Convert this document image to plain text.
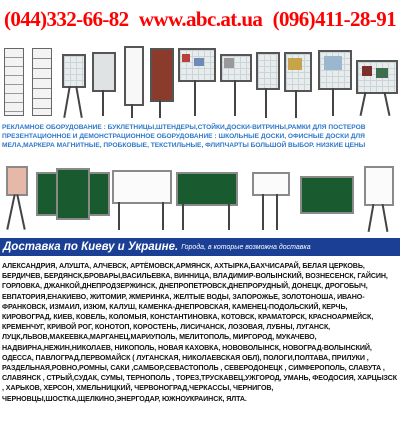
(044)332-66-82 www.abc.at.ua (096)411-28-91

РЕКЛАМНОЕ ОБОРУДОВАНИЕ : БУКЛЕТНИЦЫ,ШТЕНДЕРЫ,СТОЙКИ,ДОСКИ-ВИТРИНЫ,РАМКИ ДЛЯ ПОСТЕРОВ ПРЕЗЕНТАЦИОННОЕ И ДЕМОНСТРАЦИОННОЕ ОБОРУДОВАНИЕ : ШКОЛЬНЫЕ ДОСКИ, ОФИСНЫЕ ДОСКИ ДЛЯ МЕЛА,МАРКЕРА МАГНИТНЫЕ, ПРОБКОВЫЕ, ТЕКСТИЛЬНЫЕ, ФЛИПЧАРТЫ БОЛЬШОЙ ВЫБОР. НИЗКИЕ ЦЕНЫ

Доставка по Киеву и Украине. Города, в которые возможна доставка
АЛЕКСАНДРИЯ, АЛУШТА, АЛЧЕВСК, АРТЁМОВСК,АРМЯНСК, АХТЫРКА,БАХЧИСАРАЙ, БЕЛАЯ ЦЕРКОВЬ, БЕРДИЧЕВ, БЕРДЯНСК,БРОВАРЫ,ВАСИЛЬЕВКА, ВИННИЦА, ВЛАДИМИР-ВОЛЫНСКИЙ, ВОЗНЕСЕНСК, ГАЙСИН, ГОРЛОВКА, ДЖАНКОЙ,ДНЕПРОДЗЕРЖИНСК, ДНЕПРОПЕТРОВСК,ДНЕПРОРУДНЫЙ, ДОНЕЦК, ДРОГОБЫЧ, ЕВПАТОРИЯ,ЕНАКИЕВО, ЖИТОМИР, ЖМЕРИНКА, ЖЕЛТЫЕ ВОДЫ, ЗАПОРОЖЬЕ, ЗОЛОТОНОША, ИВАНО-ФРАНКОВСК, ИЗМАИЛ, ИЗЮМ, КАЛУШ, КАМЕНКА-ДНЕПРОВСКАЯ, КАМЕНЕЦ-ПОДОЛЬСКИЙ, КЕРЧЬ, КИРОВОГРАД, КИЕВ, КОВЕЛЬ, КОЛОМЫЯ, КОНСТАНТИНОВКА, КОТОВСК, КРАМАТОРСК, КРАСНОАРМЕЙСК, КРЕМЕНЧУГ, КРИВОЙ РОГ, КОНОТОП, КОРОСТЕНЬ, ЛИСИЧАНСК, ЛОЗОВАЯ, ЛУБНЫ, ЛУГАНСК, ЛУЦК,ЛЬВОВ,МАКЕЕВКА,МАРГАНЕЦ,МАРИУПОЛЬ, МЕЛИТОПОЛЬ, МИРГОРОД, МУКАЧЕВО, НАДВИРНА,НЕЖИН,НИКОЛАЕВ, НИКОПОЛЬ, НОВАЯ КАХОВКА, НОВОВОЛЫНСК, НОВОГРАД-ВОЛЫНСКИЙ, ОДЕССА, ПАВЛОГРАД,ПЕРВОМАЙСК ( ЛУГАНСКАЯ, НИКОЛАЕВСКАЯ ОБЛ), ПОЛОГИ,ПОЛТАВА, ПРИЛУКИ , РАЗДЕЛЬНАЯ,РОВНО,РОМНЫ, САКИ ,САМБОР,СЕВАСТОПОЛЬ , СЕВЕРОДОНЕЦК , СИМФЕРОПОЛЬ, СЛАВУТА , СЛАВЯНСК , СТРЫЙ,СУДАК, СУМЫ, ТЕРНОПОЛЬ , ТОРЕЗ,ТРУСКАВЕЦ,УЖГОРОД, УМАНЬ, ФЕОДОСИЯ, ХАРЦЫЗСК , ХАРЬКОВ, ХЕРСОН, ХМЕЛЬНИЦКИЙ, ЧЕРВОНОГРАД,ЧЕРКАССЫ, ЧЕРНИГОВ, ЧЕРНОВЦЫ,ШОСТКА,ЩЕЛКИНО,ЭНЕРГОДАР, ЮЖНОУКРАИНСК, ЯЛТА.
